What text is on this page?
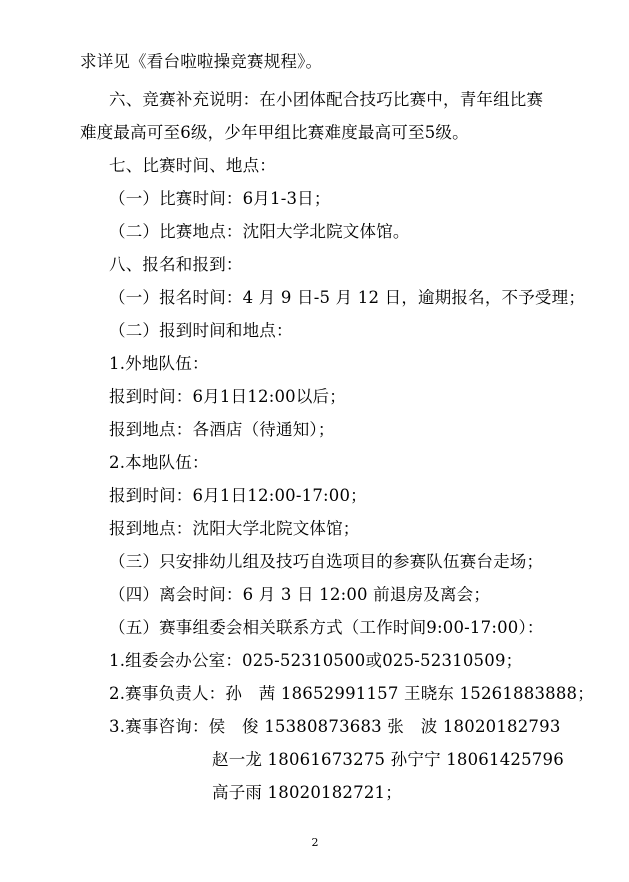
求详见《看台啦啦操竞赛规程》。
六、竞赛补充说明：在小团体配合技巧比赛中，青年组比赛
难度最高可至6级，少年甲组比赛难度最高可至5级。
七、比赛时间、地点：
（一）比赛时间：6月1-3日；
（二）比赛地点：沈阳大学北院文体馆。
八、报名和报到：
（一）报名时间：4 月 9 日-5 月 12 日，逾期报名，不予受理；
（二）报到时间和地点：
1.外地队伍：
报到时间：6月1日12:00以后；
报到地点：各酒店（待通知）；
2.本地队伍：
报到时间：6月1日12:00-17:00；
报到地点：沈阳大学北院文体馆；
（三）只安排幼儿组及技巧自选项目的参赛队伍赛台走场；
（四）离会时间：6 月 3 日 12:00 前退房及离会；
（五）赛事组委会相关联系方式（工作时间9:00-17:00）：
1.组委会办公室：025-52310500或025-52310509；
2.赛事负责人：孙　茜 18652991157 王晓东 15261883888；
3.赛事咨询：侯　俊 15380873683 张　波 18020182793
赵一龙 18061673275 孙宁宁 18061425796
高子雨 18020182721；
2
